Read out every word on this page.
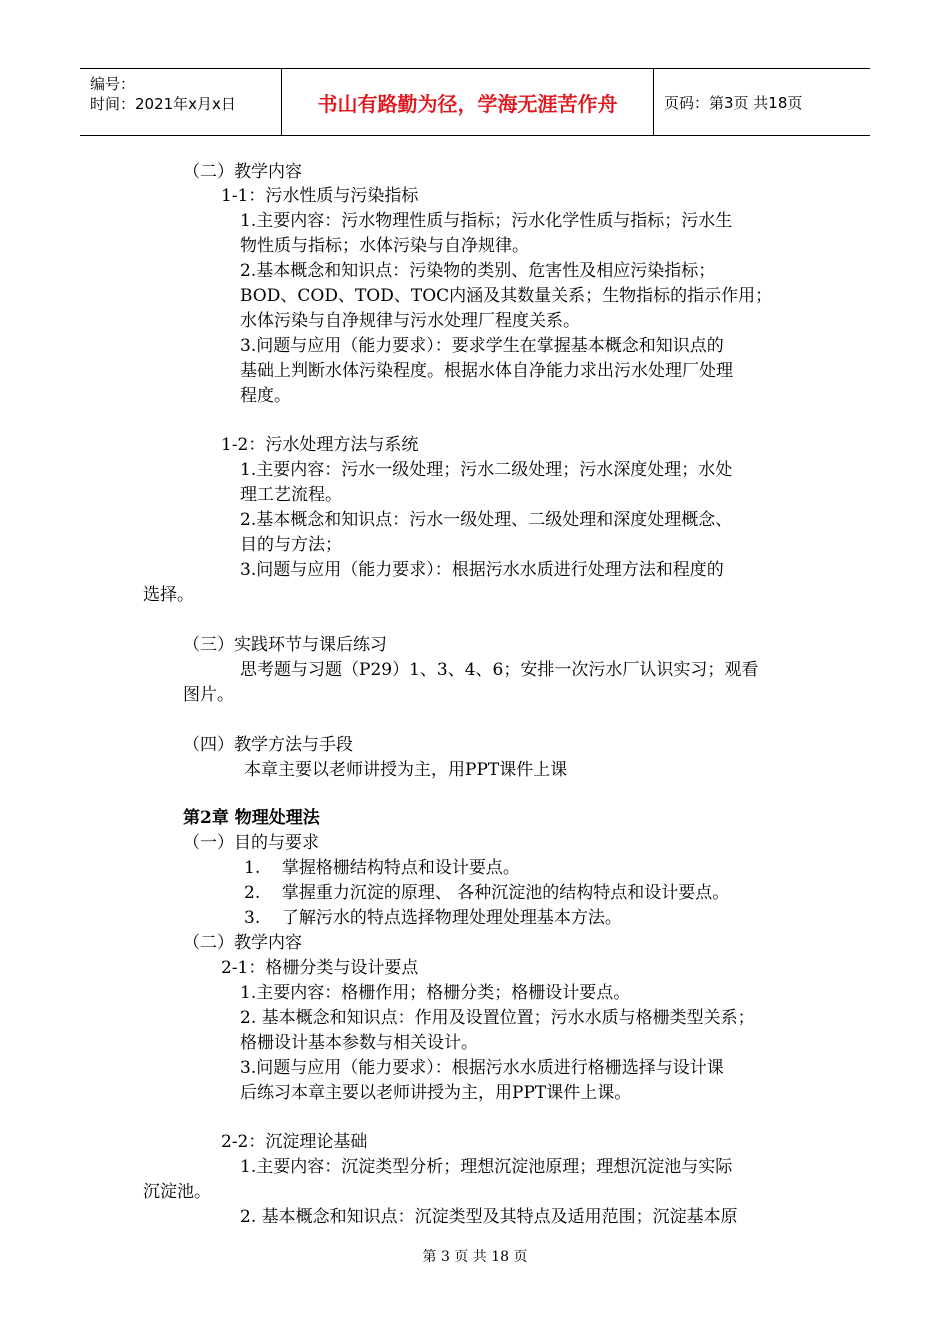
编号：
时间：2021年x月x日	书山有路勤为径，学海无涯苦作舟	页码：第3页 共18页
（二）教学内容
1-1：污水性质与污染指标
1.主要内容：污水物理性质与指标；污水化学性质与指标；污水生
物性质与指标；水体污染与自净规律。
2.基本概念和知识点：污染物的类别、危害性及相应污染指标；
BOD、COD、TOD、TOC内涵及其数量关系；生物指标的指示作用；
水体污染与自净规律与污水处理厂程度关系。
3.问题与应用（能力要求）：要求学生在掌握基本概念和知识点的
基础上判断水体污染程度。根据水体自净能力求出污水处理厂处理
程度。
1-2：污水处理方法与系统
1.主要内容：污水一级处理；污水二级处理；污水深度处理；水处
理工艺流程。
2.基本概念和知识点：污水一级处理、二级处理和深度处理概念、
目的与方法；
3.问题与应用（能力要求）：根据污水水质进行处理方法和程度的
选择。
（三）实践环节与课后练习
思考题与习题（P29）1、3、4、6；安排一次污水厂认识实习；观看
图片。
（四）教学方法与手段
本章主要以老师讲授为主，用PPT课件上课
第2章 物理处理法
（一）目的与要求
1.    掌握格栅结构特点和设计要点。
2.    掌握重力沉淀的原理、 各种沉淀池的结构特点和设计要点。
3.    了解污水的特点选择物理处理处理基本方法。
（二）教学内容
2-1：格栅分类与设计要点
1.主要内容：格栅作用；格栅分类；格栅设计要点。
2. 基本概念和知识点：作用及设置位置；污水水质与格栅类型关系；
格栅设计基本参数与相关设计。
3.问题与应用（能力要求）：根据污水水质进行格栅选择与设计课
后练习本章主要以老师讲授为主，用PPT课件上课。
2-2：沉淀理论基础
1.主要内容：沉淀类型分析；理想沉淀池原理；理想沉淀池与实际
沉淀池。
2. 基本概念和知识点：沉淀类型及其特点及适用范围；沉淀基本原
第 3 页 共 18 页
